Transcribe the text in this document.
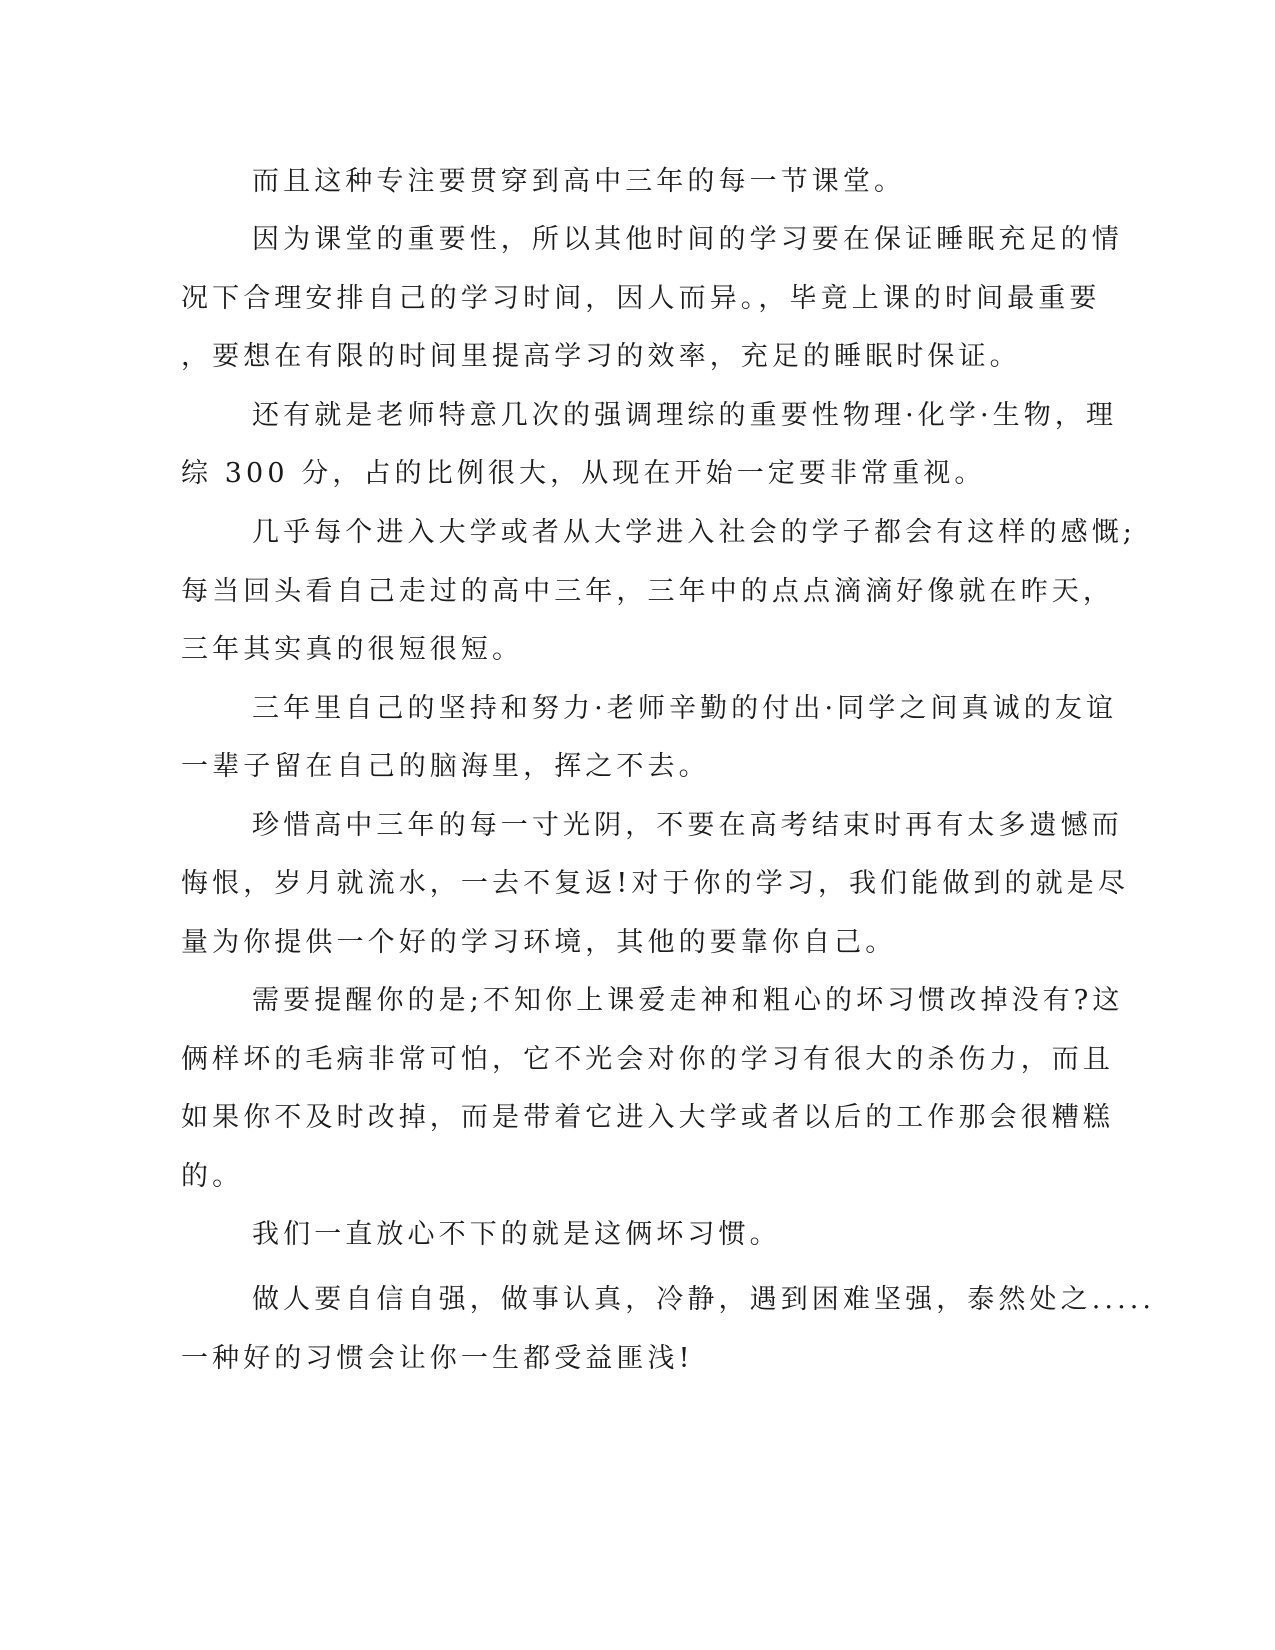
而且这种专注要贯穿到高中三年的每一节课堂。

因为课堂的重要性，所以其他时间的学习要在保证睡眠充足的情

况下合理安排自己的学习时间，因人而异。，毕竟上课的时间最重要

，要想在有限的时间里提高学习的效率，充足的睡眠时保证。

还有就是老师特意几次的强调理综的重要性物理·化学·生物，理

综 300 分，占的比例很大，从现在开始一定要非常重视。

几乎每个进入大学或者从大学进入社会的学子都会有这样的感慨;

每当回头看自己走过的高中三年，三年中的点点滴滴好像就在昨天，

三年其实真的很短很短。

三年里自己的坚持和努力·老师辛勤的付出·同学之间真诚的友谊

一辈子留在自己的脑海里，挥之不去。

珍惜高中三年的每一寸光阴，不要在高考结束时再有太多遗憾而

悔恨，岁月就流水，一去不复返!对于你的学习，我们能做到的就是尽

量为你提供一个好的学习环境，其他的要靠你自己。

需要提醒你的是;不知你上课爱走神和粗心的坏习惯改掉没有?这

俩样坏的毛病非常可怕，它不光会对你的学习有很大的杀伤力，而且

如果你不及时改掉，而是带着它进入大学或者以后的工作那会很糟糕

的。

我们一直放心不下的就是这俩坏习惯。

做人要自信自强，做事认真，冷静，遇到困难坚强，泰然处之.....

一种好的习惯会让你一生都受益匪浅!
